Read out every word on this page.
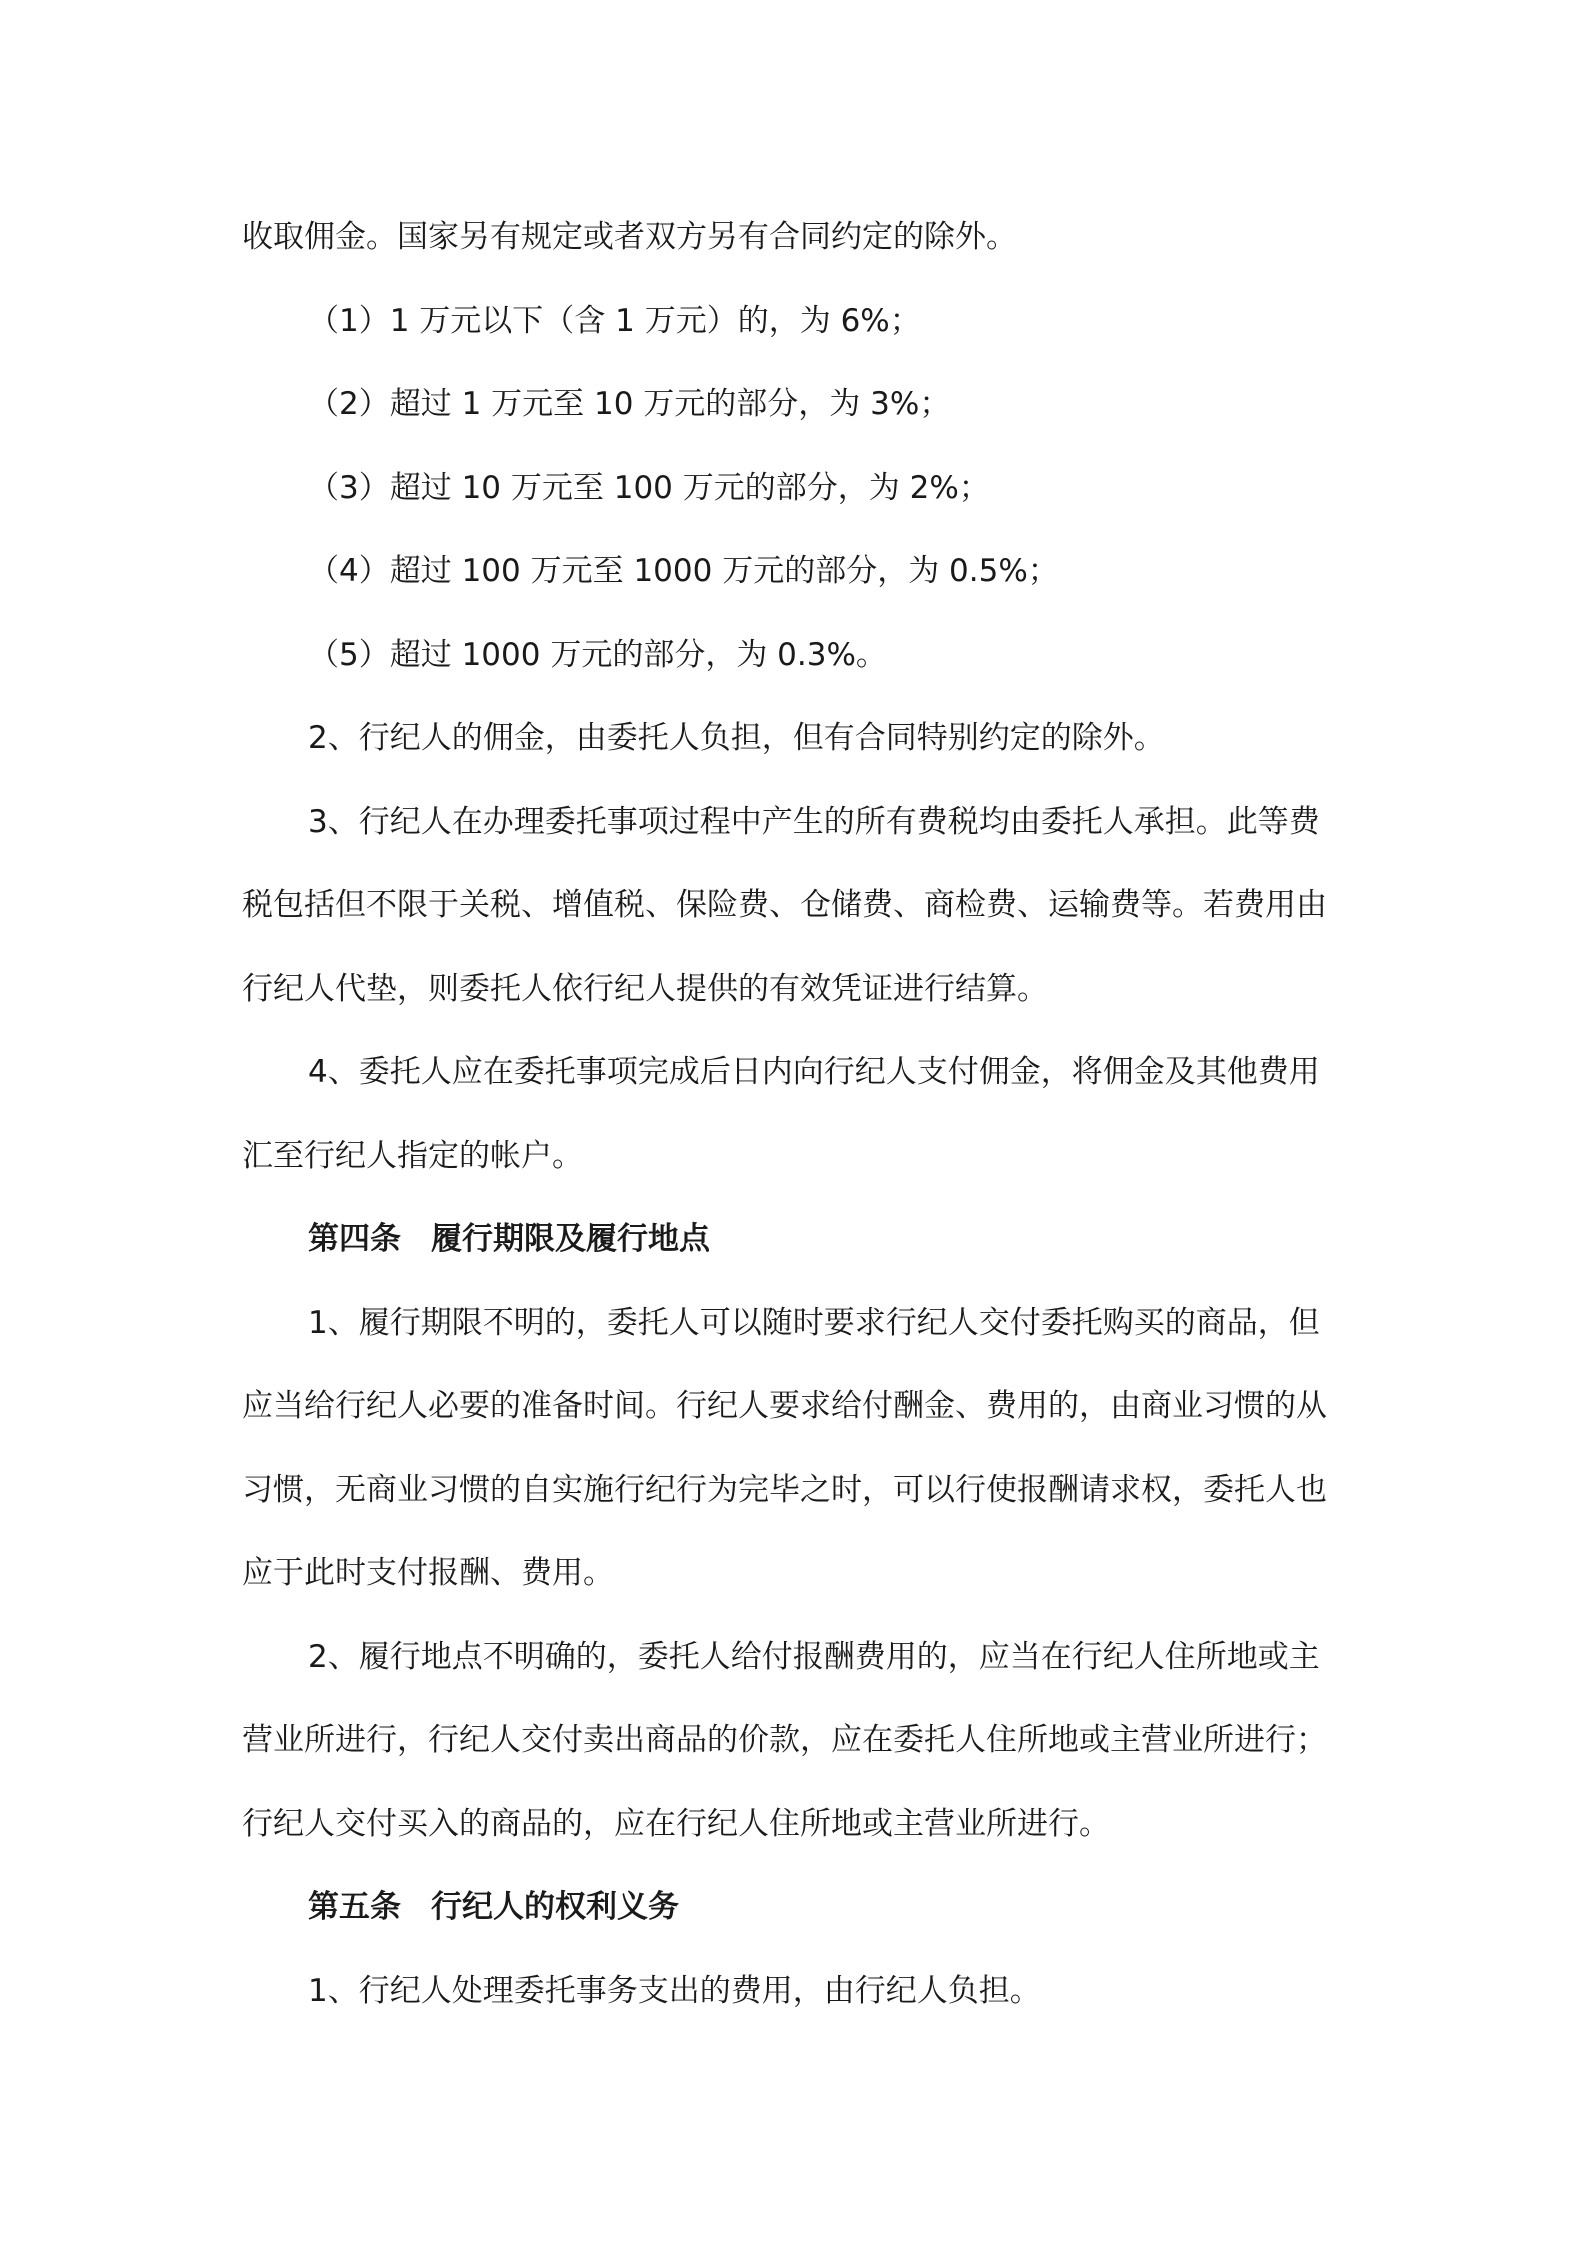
收取佣金。国家另有规定或者双方另有合同约定的除外。
（1）1 万元以下（含 1 万元）的，为 6%；
（2）超过 1 万元至 10 万元的部分，为 3%；
（3）超过 10 万元至 100 万元的部分，为 2%；
（4）超过 100 万元至 1000 万元的部分，为 0.5%；
（5）超过 1000 万元的部分，为 0.3%。
2、行纪人的佣金，由委托人负担，但有合同特别约定的除外。
3、行纪人在办理委托事项过程中产生的所有费税均由委托人承担。此等费
税包括但不限于关税、增值税、保险费、仓储费、商检费、运输费等。若费用由
行纪人代垫，则委托人依行纪人提供的有效凭证进行结算。
4、委托人应在委托事项完成后日内向行纪人支付佣金，将佣金及其他费用
汇至行纪人指定的帐户。
第四条 履行期限及履行地点
1、履行期限不明的，委托人可以随时要求行纪人交付委托购买的商品，但
应当给行纪人必要的准备时间。行纪人要求给付酬金、费用的，由商业习惯的从
习惯，无商业习惯的自实施行纪行为完毕之时，可以行使报酬请求权，委托人也
应于此时支付报酬、费用。
2、履行地点不明确的，委托人给付报酬费用的，应当在行纪人住所地或主
营业所进行，行纪人交付卖出商品的价款，应在委托人住所地或主营业所进行；
行纪人交付买入的商品的，应在行纪人住所地或主营业所进行。
第五条 行纪人的权利义务
1、行纪人处理委托事务支出的费用，由行纪人负担。
